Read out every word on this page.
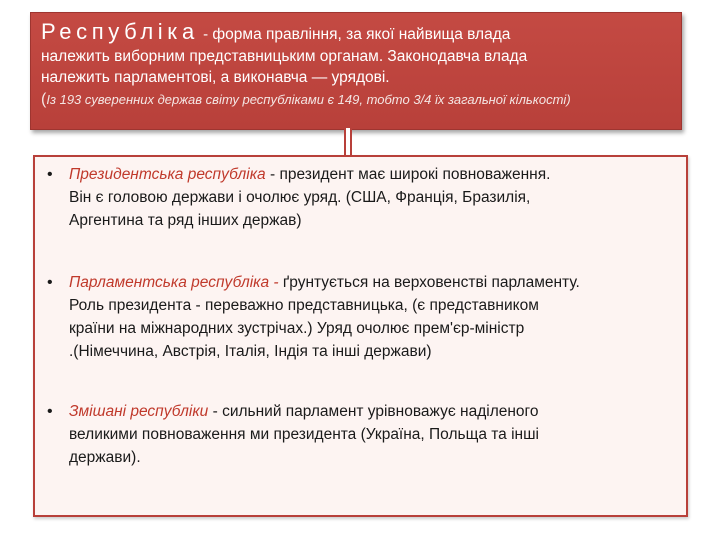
Республіка - форма правління, за якої найвища влада
належить виборним представницьким органам. Законодавча влада
належить парламентові, а виконавча — урядові.
(Із 193 суверенних держав світу республіками є 149, тобто 3/4 їх загальної кількості)
• Президентська республіка - президент має широкі повноваження.
Він є головою держави і очолює уряд. (США, Франція, Бразилія,
Аргентина та ряд інших держав)
• Парламентська республіка - ґрунтується на верховенстві парламенту.
Роль президента - переважно представницька, (є представником
країни на міжнародних зустрічах.) Уряд очолює прем'єр-міністр
.(Німеччина, Австрія, Італія, Індія та інші держави)
• Змішані республіки - сильний парламент урівноважує наділеного
великими повноваження ми президента (Україна, Польща та інші
держави).
